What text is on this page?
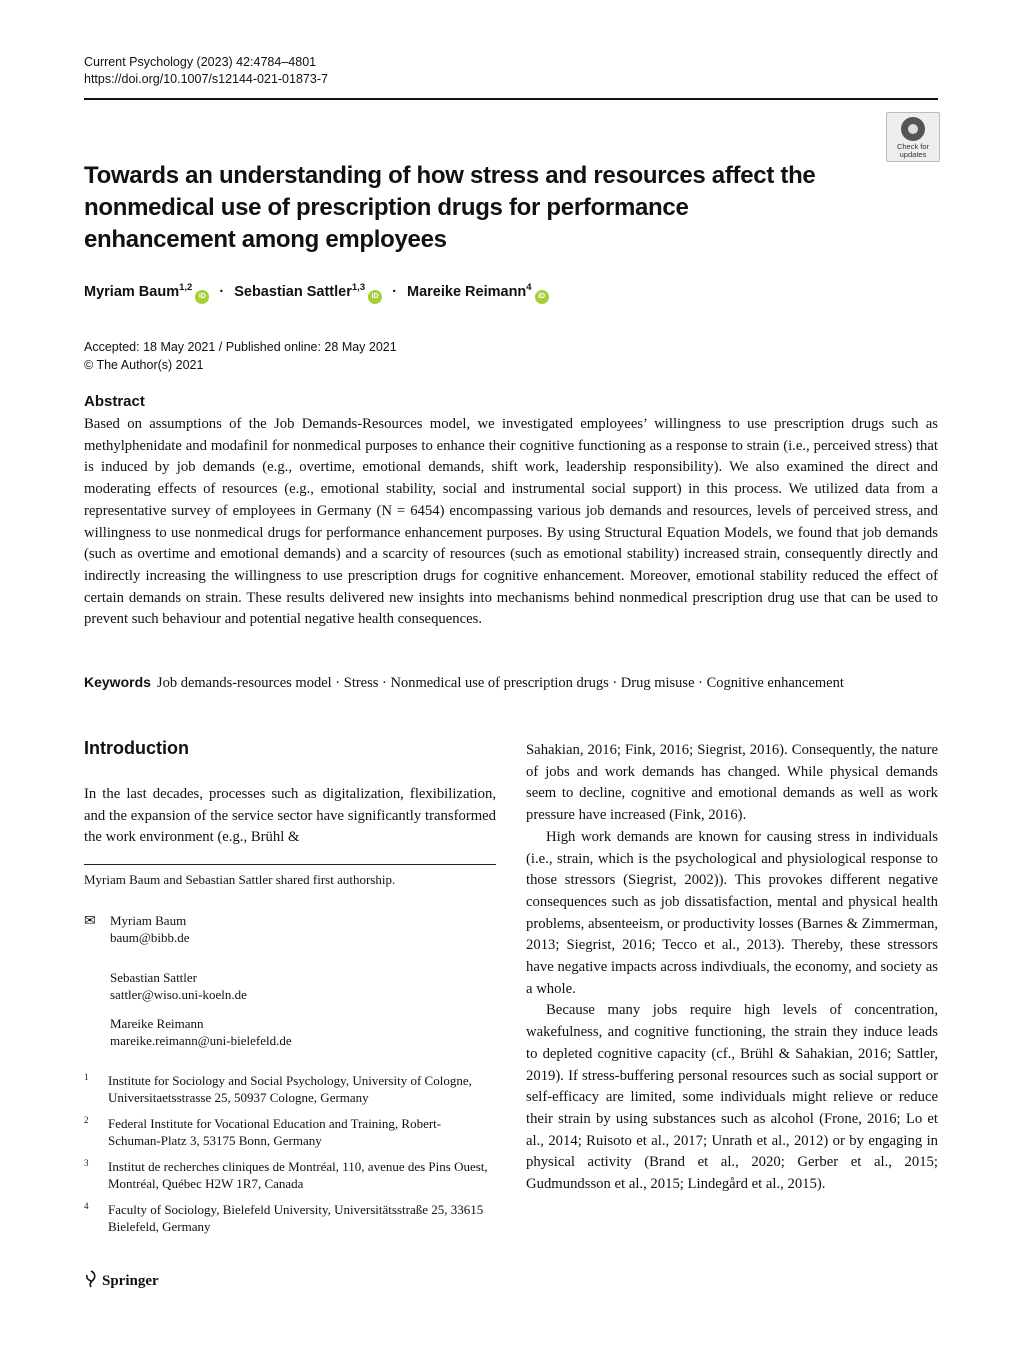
Current Psychology (2023) 42:4784–4801
https://doi.org/10.1007/s12144-021-01873-7
Check for
updates
Towards an understanding of how stress and resources affect the nonmedical use of prescription drugs for performance enhancement among employees
Myriam Baum$^{1,2}$iD · Sebastian Sattler$^{1,3}$iD · Mareike Reimann$^4$iD
Accepted: 18 May 2021 / Published online: 28 May 2021
© The Author(s) 2021
Abstract
Based on assumptions of the Job Demands-Resources model, we investigated employees’ willingness to use prescription drugs such as methylphenidate and modafinil for nonmedical purposes to enhance their cognitive functioning as a response to strain (i.e., perceived stress) that is induced by job demands (e.g., overtime, emotional demands, shift work, leadership responsibility). We also examined the direct and moderating effects of resources (e.g., emotional stability, social and instrumental social support) in this process. We utilized data from a representative survey of employees in Germany (N = 6454) encompassing various job demands and resources, levels of perceived stress, and willingness to use nonmedical drugs for performance enhancement purposes. By using Structural Equation Models, we found that job demands (such as overtime and emotional demands) and a scarcity of resources (such as emotional stability) increased strain, consequently directly and indirectly increasing the willingness to use prescription drugs for cognitive enhancement. Moreover, emotional stability reduced the effect of certain demands on strain. These results delivered new insights into mechanisms behind nonmedical prescription drug use that can be used to prevent such behaviour and potential negative health consequences.
Keywords Job demands-resources model · Stress · Nonmedical use of prescription drugs · Drug misuse · Cognitive enhancement
Introduction

In the last decades, processes such as digitalization, flexibilization, and the expansion of the service sector have significantly transformed the work environment (e.g., Brühl &

Myriam Baum and Sebastian Sattler shared first authorship.
✉ Myriam Baum
baum@bibb.de
Sebastian Sattler
sattler@wiso.uni-koeln.de
Mareike Reimann
mareike.reimann@uni-bielefeld.de
1 Institute for Sociology and Social Psychology, University of Cologne, Universitaetsstrasse 25, 50937 Cologne, Germany
2 Federal Institute for Vocational Education and Training, Robert-Schuman-Platz 3, 53175 Bonn, Germany
3 Institut de recherches cliniques de Montréal, 110, avenue des Pins Ouest, Montréal, Québec H2W 1R7, Canada
4 Faculty of Sociology, Bielefeld University, Universitätsstraße 25, 33615 Bielefeld, Germany

Sahakian, 2016; Fink, 2016; Siegrist, 2016). Consequently, the nature of jobs and work demands has changed. While physical demands seem to decline, cognitive and emotional demands as well as work pressure have increased (Fink, 2016).

High work demands are known for causing stress in individuals (i.e., strain, which is the psychological and physiological response to those stressors (Siegrist, 2002)). This provokes different negative consequences such as job dissatisfaction, mental and physical health problems, absenteeism, or productivity losses (Barnes & Zimmerman, 2013; Siegrist, 2016; Tecco et al., 2013). Thereby, these stressors have negative impacts across indivdiuals, the economy, and society as a whole.

Because many jobs require high levels of concentration, wakefulness, and cognitive functioning, the strain they induce leads to depleted cognitive capacity (cf., Brühl & Sahakian, 2016; Sattler, 2019). If stress-buffering personal resources such as social support or self-efficacy are limited, some individuals might relieve or reduce their strain by using substances such as alcohol (Frone, 2016; Lo et al., 2014; Ruisoto et al., 2017; Unrath et al., 2012) or by engaging in physical activity (Brand et al., 2020; Gerber et al., 2015; Gudmundsson et al., 2015; Lindegård et al., 2015).

Springer
